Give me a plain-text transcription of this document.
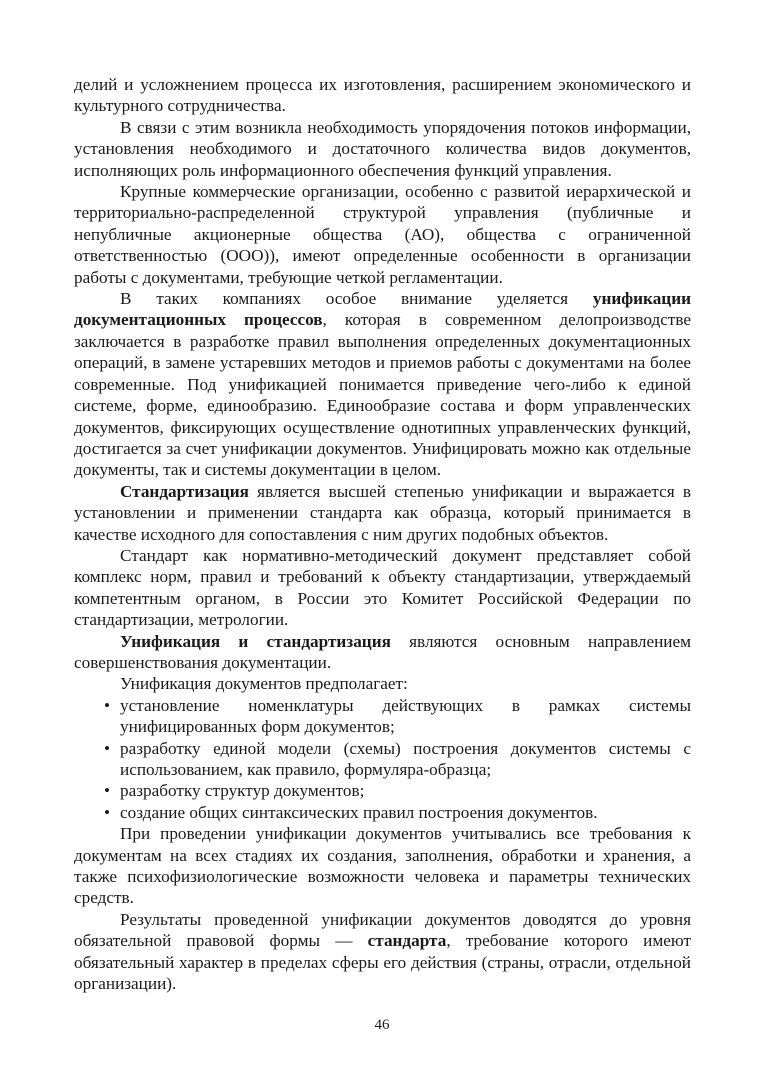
делий и усложнением процесса их изготовления, расширением экономического и культурного сотрудничества.

В связи с этим возникла необходимость упорядочения потоков информации, установления необходимого и достаточного количества видов документов, исполняющих роль информационного обеспечения функций управления.

Крупные коммерческие организации, особенно с развитой иерархической и территориально-распределенной структурой управления (публичные и непубличные акционерные общества (АО), общества с ограниченной ответственностью (ООО)), имеют определенные особенности в организации работы с документами, требующие четкой регламентации.

В таких компаниях особое внимание уделяется унификации документационных процессов, которая в современном делопроизводстве заключается в разработке правил выполнения определенных документационных операций, в замене устаревших методов и приемов работы с документами на более современные. Под унификацией понимается приведение чего-либо к единой системе, форме, единообразию. Единообразие состава и форм управленческих документов, фиксирующих осуществление однотипных управленческих функций, достигается за счет унификации документов. Унифицировать можно как отдельные документы, так и системы документации в целом.

Стандартизация является высшей степенью унификации и выражается в установлении и применении стандарта как образца, который принимается в качестве исходного для сопоставления с ним других подобных объектов.

Стандарт как нормативно-методический документ представляет собой комплекс норм, правил и требований к объекту стандартизации, утверждаемый компетентным органом, в России это Комитет Российской Федерации по стандартизации, метрологии.

Унификация и стандартизация являются основным направлением совершенствования документации.

Унификация документов предполагает:

• установление номенклатуры действующих в рамках системы унифицированных форм документов;
• разработку единой модели (схемы) построения документов системы с использованием, как правило, формуляра-образца;
• разработку структур документов;
• создание общих синтаксических правил построения документов.

При проведении унификации документов учитывались все требования к документам на всех стадиях их создания, заполнения, обработки и хранения, а также психофизиологические возможности человека и параметры технических средств.

Результаты проведенной унификации документов доводятся до уровня обязательной правовой формы — стандарта, требование которого имеют обязательный характер в пределах сферы его действия (страны, отрасли, отдельной организации).

46
